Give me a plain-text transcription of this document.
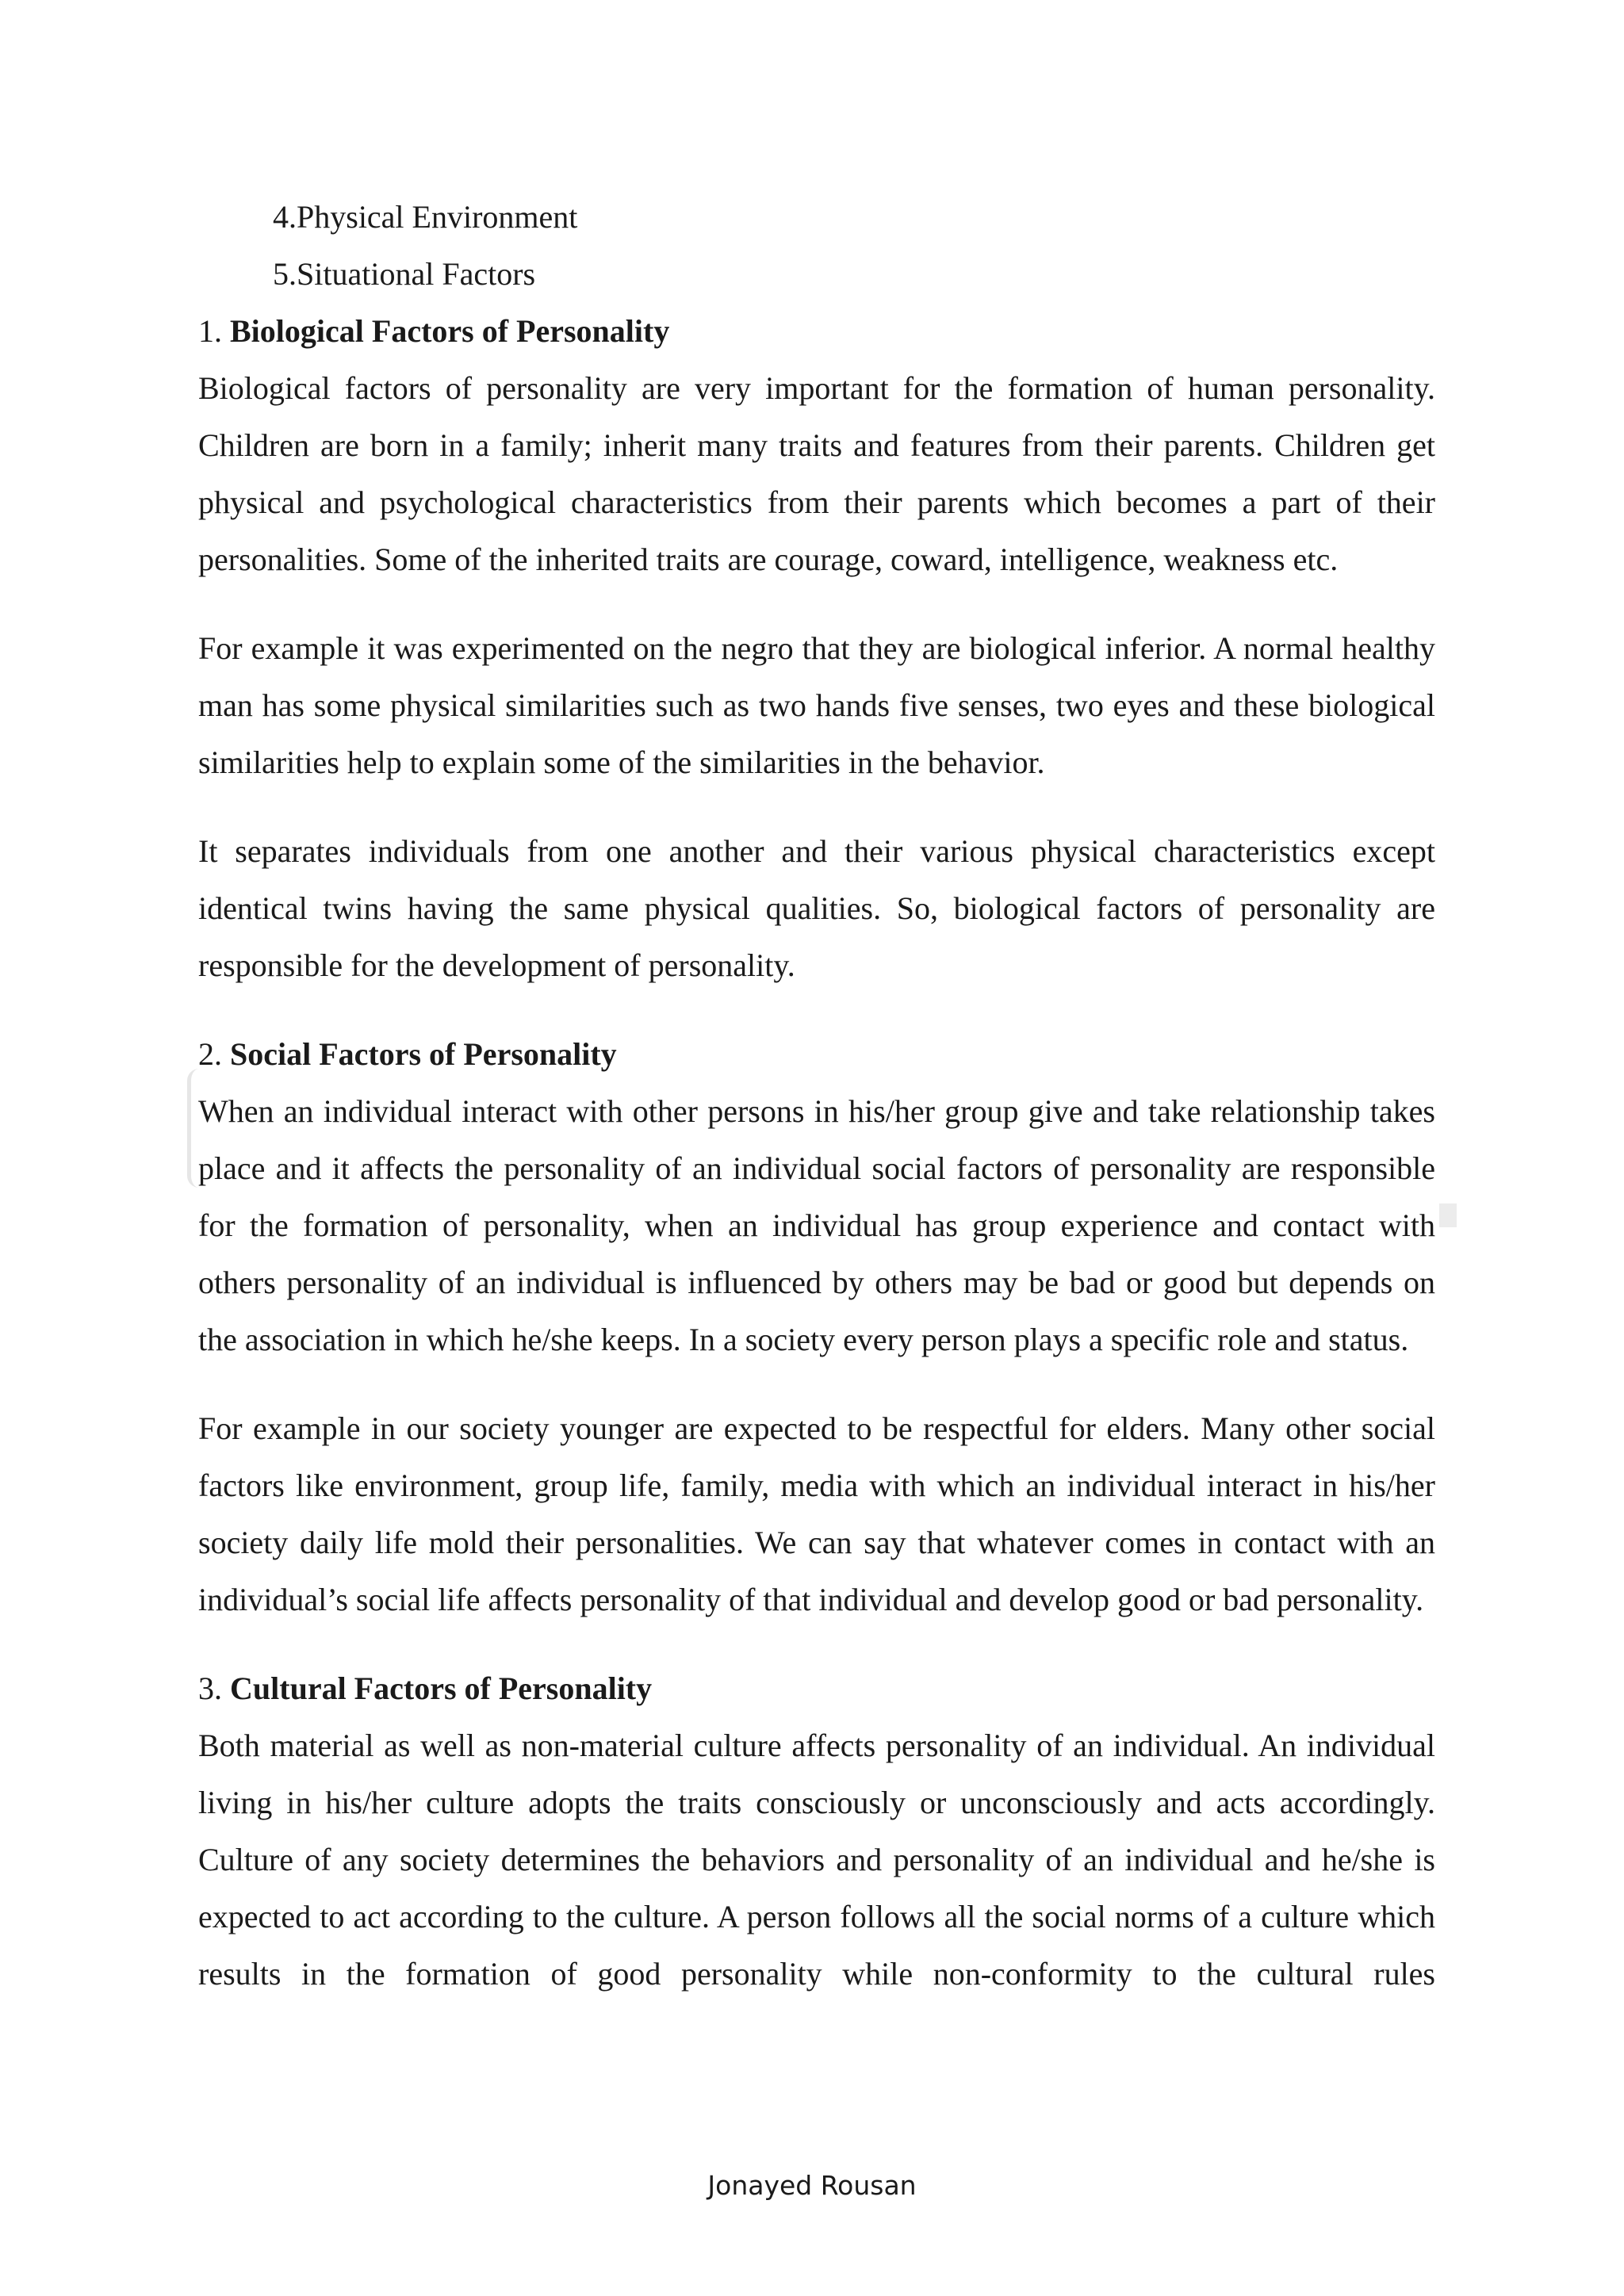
4.Physical Environment
5.Situational Factors
1. Biological Factors of Personality

Biological factors of personality are very important for the formation of human personality. Children are born in a family; inherit many traits and features from their parents. Children get physical and psychological characteristics from their parents which becomes a part of their personalities. Some of the inherited traits are courage, coward, intelligence, weakness etc.

For example it was experimented on the negro that they are biological inferior. A normal healthy man has some physical similarities such as two hands five senses, two eyes and these biological similarities help to explain some of the similarities in the behavior.

It separates individuals from one another and their various physical characteristics except identical twins having the same physical qualities. So, biological factors of personality are responsible for the development of personality.

2. Social Factors of Personality

When an individual interact with other persons in his/her group give and take relationship takes place and it affects the personality of an individual social factors of personality are responsible for the formation of personality, when an individual has group experience and contact with others personality of an individual is influenced by others may be bad or good but depends on the association in which he/she keeps. In a society every person plays a specific role and status.

For example in our society younger are expected to be respectful for elders. Many other social factors like environment, group life, family, media with which an individual interact in his/her society daily life mold their personalities. We can say that whatever comes in contact with an individual’s social life affects personality of that individual and develop good or bad personality.

3. Cultural Factors of Personality

Both material as well as non-material culture affects personality of an individual. An individual living in his/her culture adopts the traits consciously or unconsciously and acts accordingly. Culture of any society determines the behaviors and personality of an individual and he/she is expected to act according to the culture. A person follows all the social norms of a culture which results in the formation of good personality while non-conformity to the cultural rules

Jonayed Rousan
